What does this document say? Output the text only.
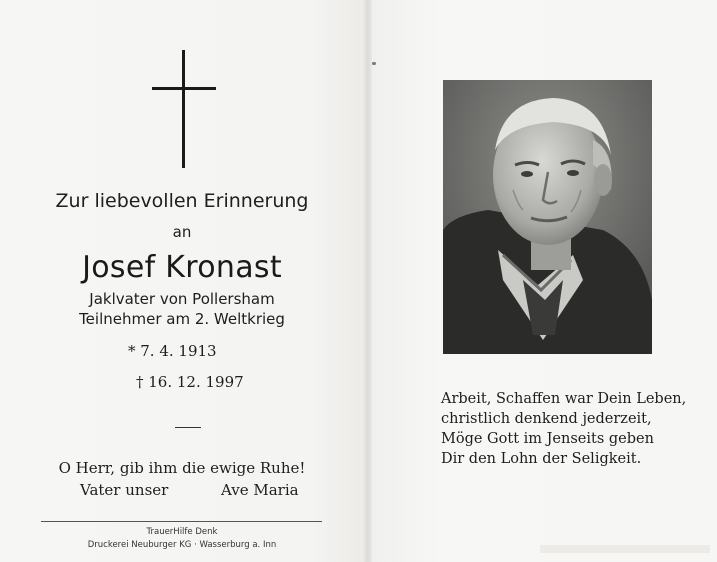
Zur liebevollen Erinnerung
an
Josef Kronast
Jaklvater von Pollersham
Teilnehmer am 2. Weltkrieg
* 7. 4. 1913
† 16. 12. 1997
O Herr, gib ihm die ewige Ruhe!
Vater unser	Ave Maria
TrauerHilfe Denk
Druckerei Neuburger KG · Wasserburg a. Inn
Arbeit, Schaffen war Dein Leben,
christlich denkend jederzeit,
Möge Gott im Jenseits geben
Dir den Lohn der Seligkeit.
